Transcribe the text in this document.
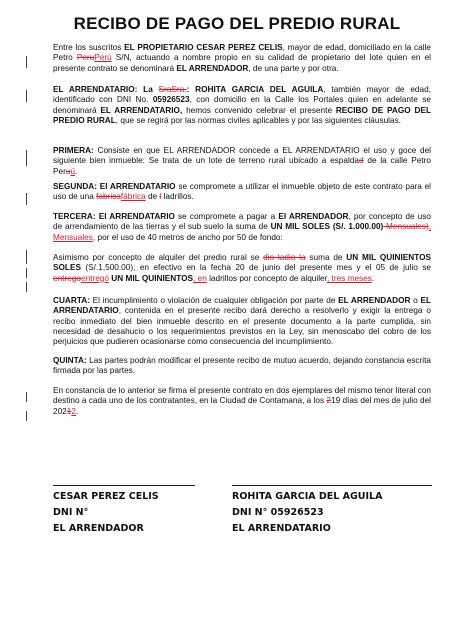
RECIBO DE PAGO DEL PREDIO RURAL
Entre los suscritos EL PROPIETARIO CESAR PEREZ CELIS, mayor de edad, domiciliado en la calle Petro PeruPerú S/N, actuando a nombre propio en su calidad de propietario del lote quien en el presente contrato se denominará EL ARRENDADOR, de una parte y por otra.
EL ARRENDATARIO: La SraSra.: ROHITA GARCIA DEL AGUILA, también mayor de edad, identificado con DNI No. 05926523, con domicilio en la Calle los Portales quien en adelante se denominará EL ARRENDATARIO, hemos convenido celebrar el presente RECIBO DE PAGO DEL PREDIO RURAL, que se regirá por las normas civiles aplicables y por las siguientes cláusulas.
PRIMERA: Consiste en que EL ARRENDADOR concede a EL ARRENDATARIO el uso y goce del siguiente bien inmueble: Se trata de un lote de terreno rural ubicado a espaldad de la calle Petro Peruú.
SEGUNDA: El ARRENDATARIO se compromete a utilizar el inmueble objeto de este contrato para el uso de una fabricafábrica de l ladrillos.
TERCERA: El ARRENDATARIO se compromete a pagar a El ARRENDADOR, por concepto de uso de arrendamiento de las tierras y el sub suelo la suma de UN MIL SOLES (S/. 1.000.00) Mensuales), Mensuales, por el uso de 40 metros de ancho por 50 de fondo:
Asimismo por concepto de alquiler del predio rural se dio ladio la suma de UN MIL QUINIENTOS SOLES (S/.1,500.00), en efectivo en la fecha 20 de junio del presente mes y el 05 de julio se entregoentregó UN MIL QUINIENTOS, en ladrillos por concepto de alquiler, tres meses.
CUARTA: El incumplimiento o violación de cualquier obligación por parte de EL ARRENDADOR o EL ARRENDATARIO, contenida en el presente recibo dará derecho a resolverlo y exigir la entrega o recibo inmediato del bien inmueble descrito en el presente documento a la parte cumplida, sin necesidad de desahucio o los requerimientos previstos en la Ley, sin menoscabo del cobro de los perjuicios que pudieren ocasionarse como consecuencia del incumplimiento.
QUINTA: Las partes podrán modificar el presente recibo de mutuo acuerdo, dejando constancia escrita firmada por las partes.
En constancia de lo anterior se firma el presente contrato en dos ejemplares del mismo tenor literal con destino a cada uno de los contratantes, en la Ciudad de Contamana, a los 219 días del mes de julio del 20212.
CESAR PEREZ CELIS
DNI N°
EL ARRENDADOR
ROHITA GARCIA DEL AGUILA
DNI N° 05926523
EL ARRENDATARIO
